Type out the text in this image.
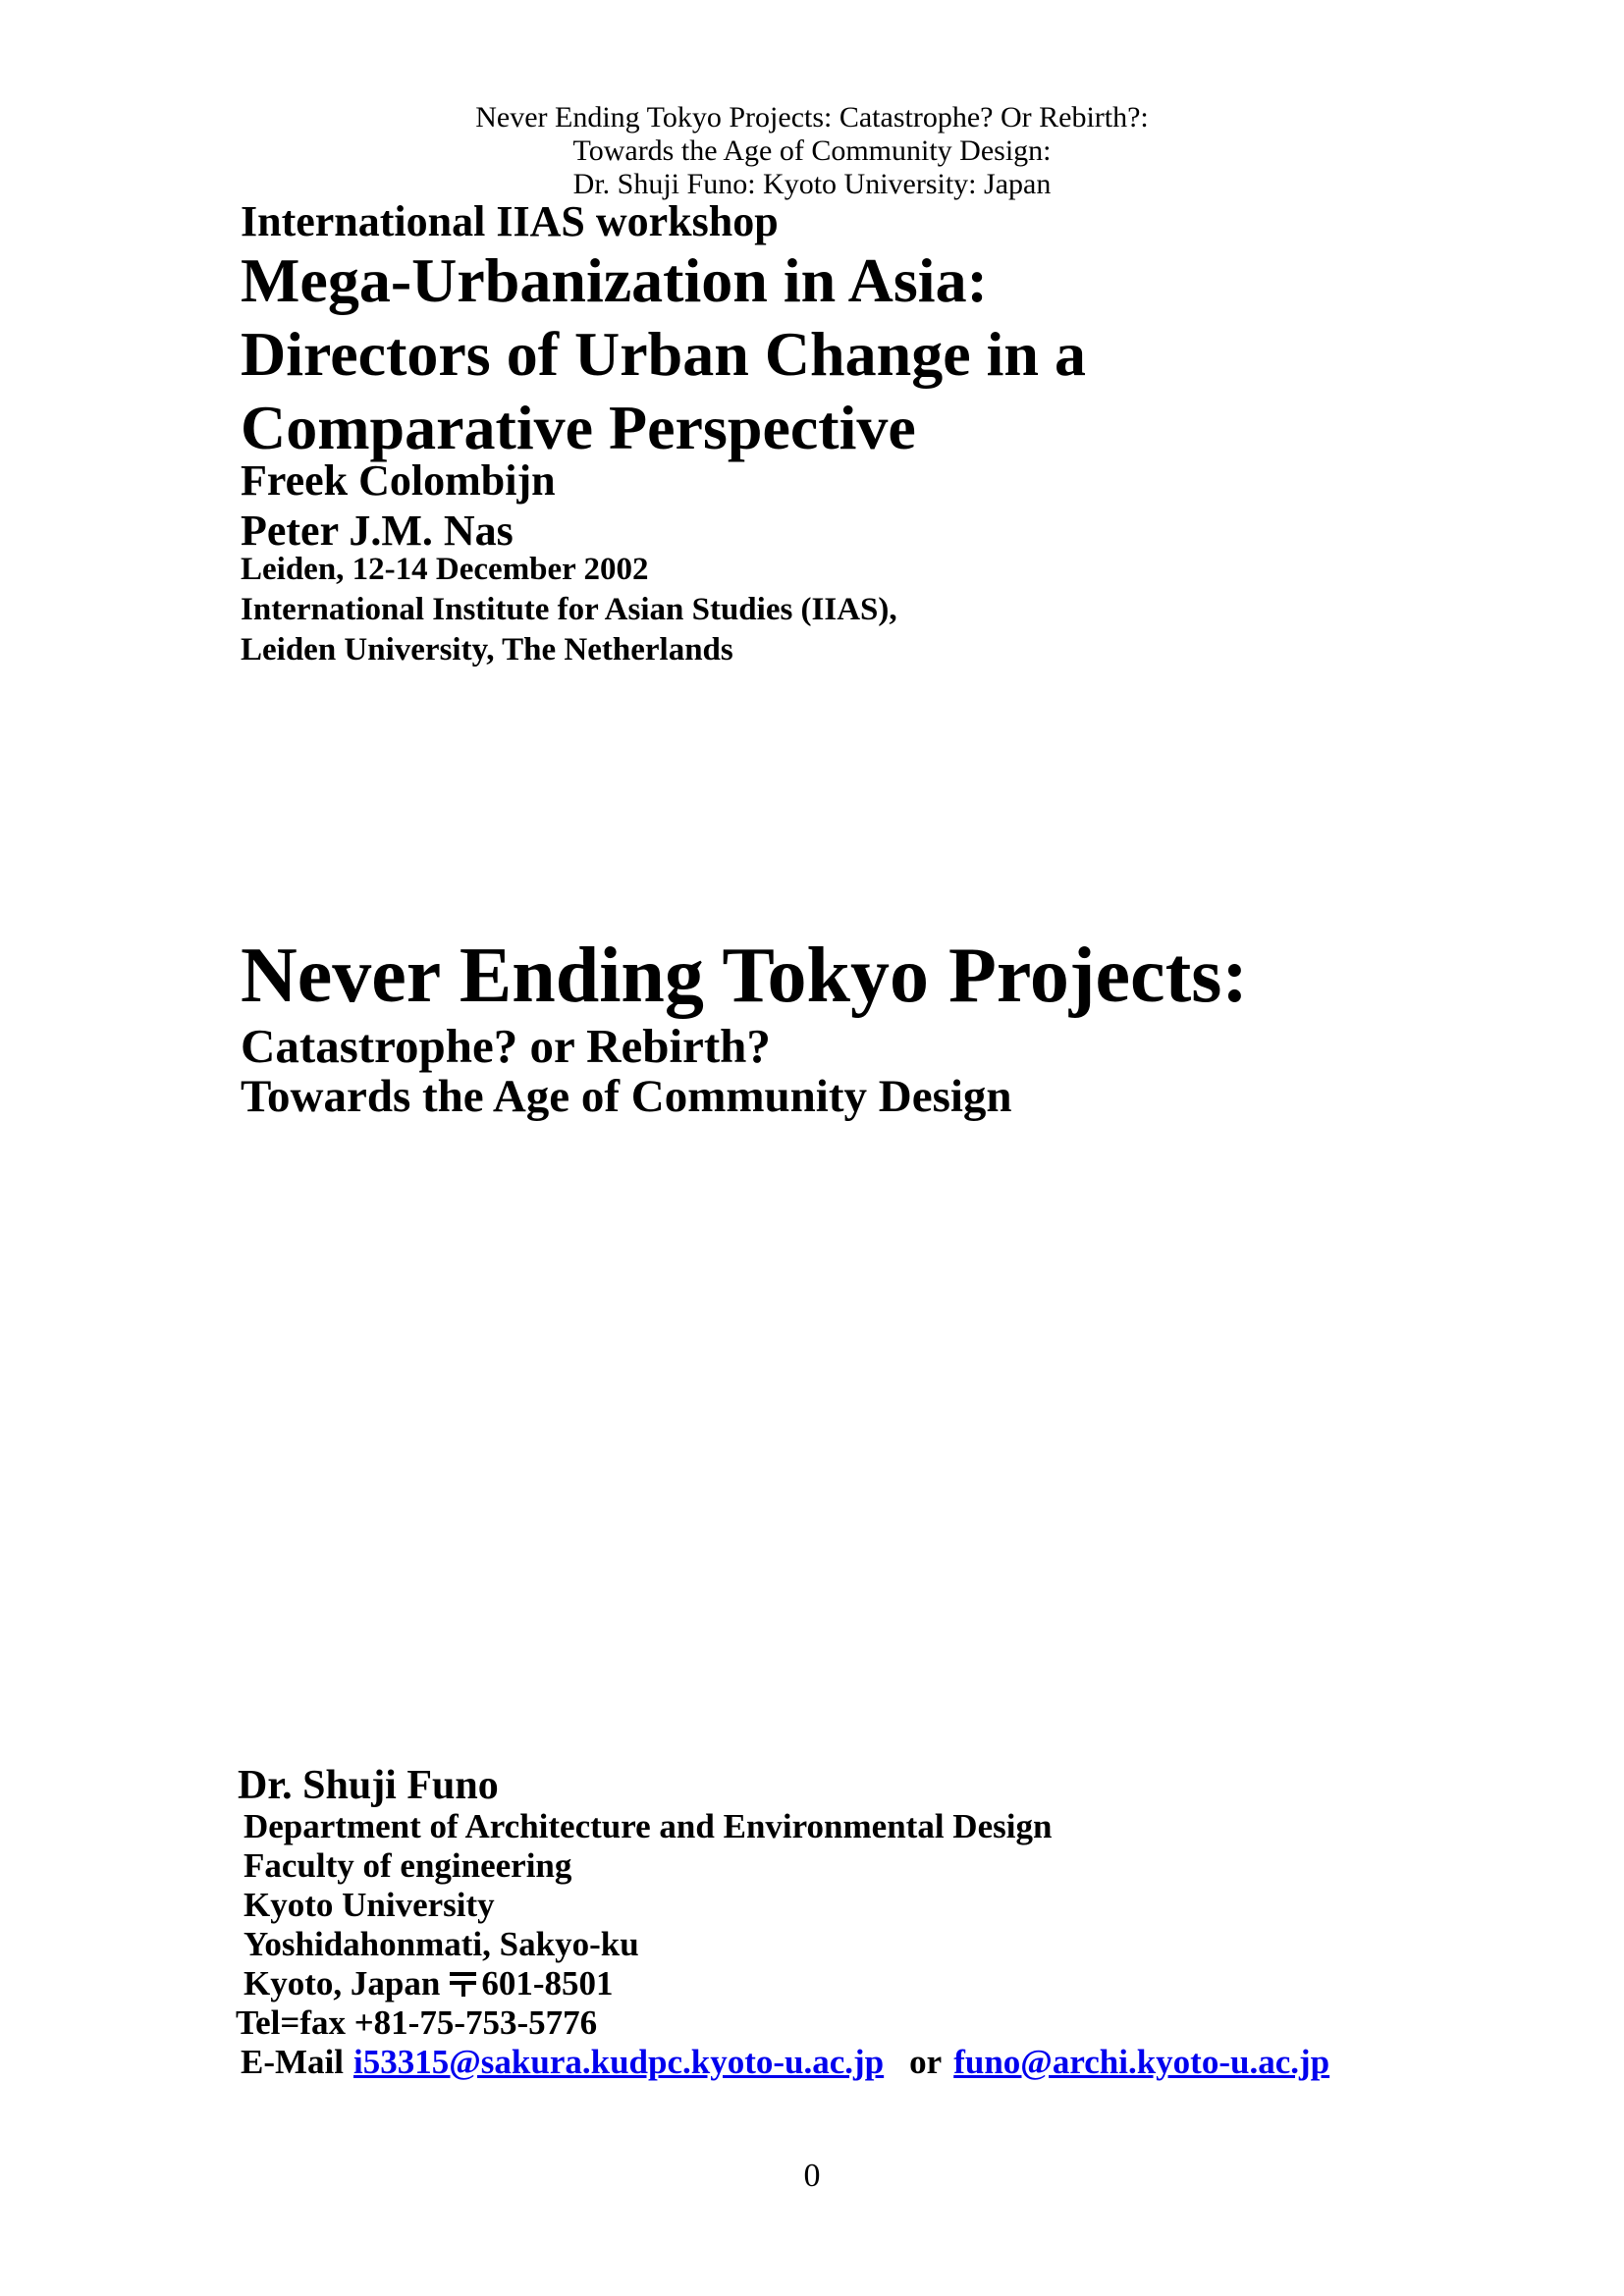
Never Ending Tokyo Projects: Catastrophe? Or Rebirth?:
Towards the Age of Community Design:
Dr. Shuji Funo: Kyoto University: Japan
International IIAS workshop
Mega-Urbanization in Asia:
Directors of Urban Change in a
Comparative Perspective
Freek Colombijn
Peter J.M. Nas
Leiden, 12-14 December 2002
International Institute for Asian Studies (IIAS),
Leiden University, The Netherlands
Never Ending Tokyo Projects:
Catastrophe? or Rebirth?
Towards the Age of Community Design
Dr. Shuji Funo
Department of Architecture and Environmental Design
Faculty of engineering
Kyoto University
Yoshidahonmati, Sakyo-ku
Kyoto, Japan 601-8501
Tel=fax +81-75-753-5776
E-Mail i53315@sakura.kudpc.kyoto-u.ac.jp or funo@archi.kyoto-u.ac.jp
0
